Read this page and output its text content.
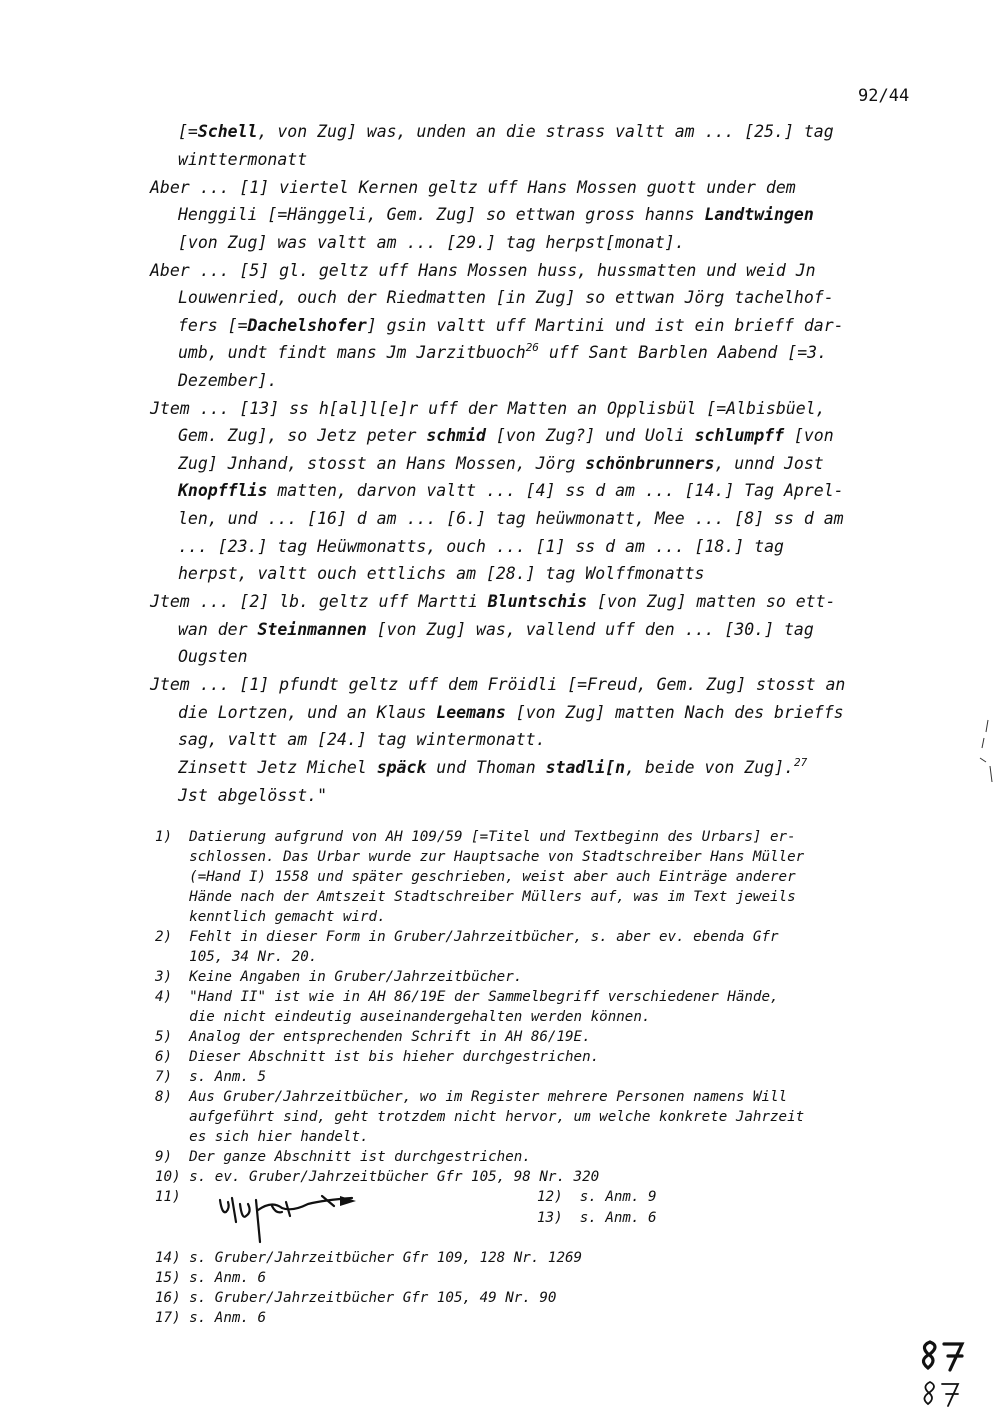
92/44
[=Schell, von Zug] was, unden an die strass valtt am ... [25.] tag
winttermonatt
Aber ... [1] viertel Kernen geltz uff Hans Mossen guott under dem
Henggili [=Hänggeli, Gem. Zug] so ettwan gross hanns Landtwingen
[von Zug] was valtt am ... [29.] tag herpst[monat].
Aber ... [5] gl. geltz uff Hans Mossen huss, hussmatten und weid Jn
Louwenried, ouch der Riedmatten [in Zug] so ettwan Jörg tachelhof-
fers [=Dachelshofer] gsin valtt uff Martini und ist ein brieff dar-
umb, undt findt mans Jm Jarzitbuoch$^{26}$ uff Sant Barblen Aabend [=3.
Dezember].
Jtem ... [13] ss h[al]l[e]r uff der Matten an Opplisbül [=Albisbüel,
Gem. Zug], so Jetz peter schmid [von Zug?] und Uoli schlumpff [von
Zug] Jnhand, stosst an Hans Mossen, Jörg schönbrunners, unnd Jost
Knopfflis matten, darvon valtt ... [4] ss d am ... [14.] Tag Aprel-
len, und ... [16] d am ... [6.] tag heüwmonatt, Mee ... [8] ss d am
... [23.] tag Heüwmonatts, ouch ... [1] ss d am ... [18.] tag
herpst, valtt ouch ettlichs am [28.] tag Wolffmonatts
Jtem ... [2] lb. geltz uff Martti Bluntschis [von Zug] matten so ett-
wan der Steinmannen [von Zug] was, vallend uff den ... [30.] tag
Ougsten
Jtem ... [1] pfundt geltz uff dem Fröidli [=Freud, Gem. Zug] stosst an
die Lortzen, und an Klaus Leemans [von Zug] matten Nach des brieffs
sag, valtt am [24.] tag wintermonatt.
Zinsett Jetz Michel späck und Thoman stadli[n, beide von Zug].$^{27}$
Jst abgelösst."
1)  Datierung aufgrund von AH 109/59 [=Titel und Textbeginn des Urbars] er-
schlossen. Das Urbar wurde zur Hauptsache von Stadtschreiber Hans Müller
(=Hand I) 1558 und später geschrieben, weist aber auch Einträge anderer
Hände nach der Amtszeit Stadtschreiber Müllers auf, was im Text jeweils
kenntlich gemacht wird.
2)  Fehlt in dieser Form in Gruber/Jahrzeitbücher, s. aber ev. ebenda Gfr
105, 34 Nr. 20.
3)  Keine Angaben in Gruber/Jahrzeitbücher.
4)  "Hand II" ist wie in AH 86/19E der Sammelbegriff verschiedener Hände,
die nicht eindeutig auseinandergehalten werden können.
5)  Analog der entsprechenden Schrift in AH 86/19E.
6)  Dieser Abschnitt ist bis hieher durchgestrichen.
7)  s. Anm. 5
8)  Aus Gruber/Jahrzeitbücher, wo im Register mehrere Personen namens Will
aufgeführt sind, geht trotzdem nicht hervor, um welche konkrete Jahrzeit
es sich hier handelt.
9)  Der ganze Abschnitt ist durchgestrichen.
10) s. ev. Gruber/Jahrzeitbücher Gfr 105, 98 Nr. 320
11)	12)  s. Anm. 9
13)  s. Anm. 6
14) s. Gruber/Jahrzeitbücher Gfr 109, 128 Nr. 1269
15) s. Anm. 6
16) s. Gruber/Jahrzeitbücher Gfr 105, 49 Nr. 90
17) s. Anm. 6
